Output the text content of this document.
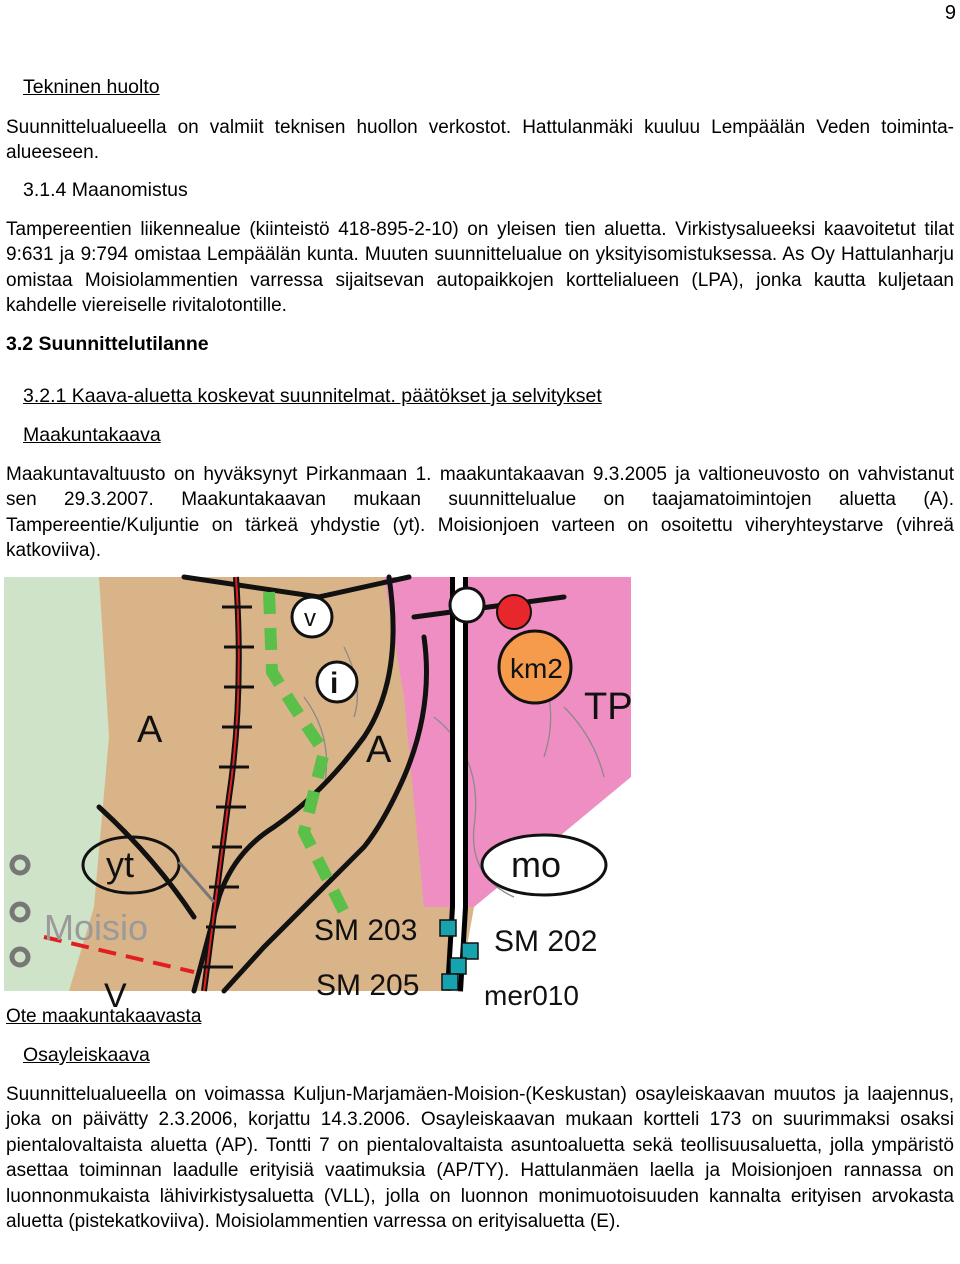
9
Tekninen huolto

Suunnittelualueella on valmiit teknisen huollon verkostot. Hattulanmäki kuuluu Lempäälän Veden toiminta-alueeseen.

3.1.4 Maanomistus

Tampereentien liikennealue (kiinteistö 418-895-2-10) on yleisen tien aluetta. Virkistysalueeksi kaavoitetut tilat 9:631 ja 9:794 omistaa Lempäälän kunta. Muuten suunnittelualue on yksityisomistuksessa. As Oy Hattulanharju omistaa Moisiolammentien varressa sijaitsevan autopaikkojen korttelialueen (LPA), jonka kautta kuljetaan kahdelle viereiselle rivitalotontille.

3.2 Suunnittelutilanne
3.2.1 Kaava-aluetta koskevat suunnitelmat. päätökset ja selvitykset
Maakuntakaava

Maakuntavaltuusto on hyväksynyt Pirkanmaan 1. maakuntakaavan 9.3.2005 ja valtioneuvosto on vahvistanut sen 29.3.2007. Maakuntakaavan mukaan suunnittelualue on taajamatoimintojen aluetta (A). Tampereentie/Kuljuntie on tärkeä yhdystie (yt). Moisionjoen varteen on osoitettu viheryhteystarve (vihreä katkoviiva).

A	A
TP
v
i	km2
yt	mo
Moisio	SM 203	SM 202
SM 205 mer010
V
Ote maakuntakaavasta
Osayleiskaava

Suunnittelualueella on voimassa Kuljun-Marjamäen-Moision-(Keskustan) osayleiskaavan muutos ja laajennus, joka on päivätty 2.3.2006, korjattu 14.3.2006. Osayleiskaavan mukaan kortteli 173 on suurimmaksi osaksi pientalovaltaista aluetta (AP). Tontti 7 on pientalovaltaista asuntoaluetta sekä teollisuusaluetta, jolla ympäristö asettaa toiminnan laadulle erityisiä vaatimuksia (AP/TY). Hattulanmäen laella ja Moisionjoen rannassa on luonnonmukaista lähivirkistysaluetta (VLL), jolla on luonnon monimuotoisuuden kannalta erityisen arvokasta aluetta (pistekatkoviiva). Moisiolammentien varressa on erityisaluetta (E).
